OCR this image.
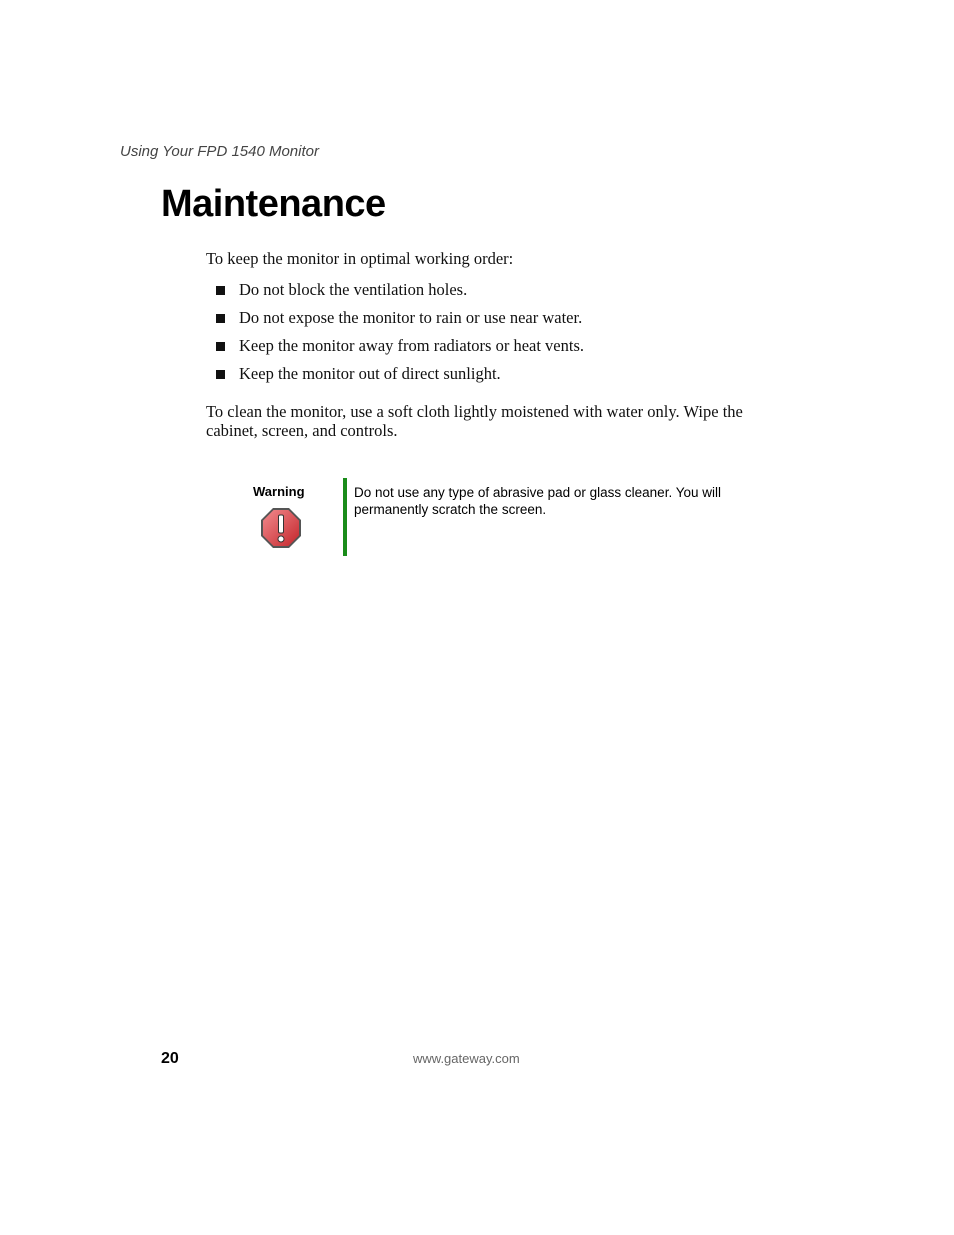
Using Your FPD 1540 Monitor
Maintenance

To keep the monitor in optimal working order:

Do not block the ventilation holes.
Do not expose the monitor to rain or use near water.
Keep the monitor away from radiators or heat vents.
Keep the monitor out of direct sunlight.

To clean the monitor, use a soft cloth lightly moistened with water only. Wipe the cabinet, screen, and controls.

Warning	Do not use any type of abrasive pad or glass cleaner. You will permanently scratch the screen.

20	www.gateway.com
